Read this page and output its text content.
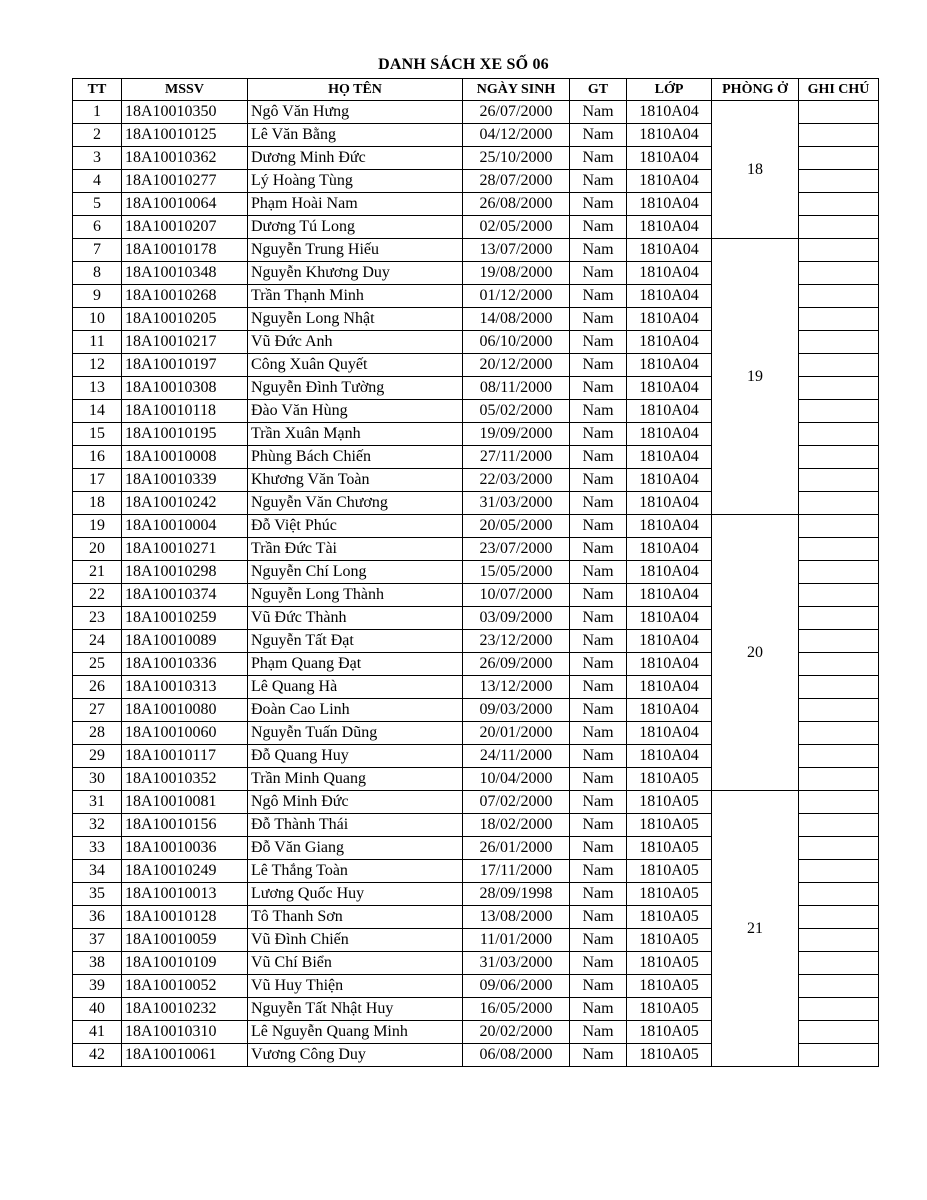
DANH SÁCH XE SỐ 06
TT	MSSV	HỌ TÊN	NGÀY SINH	GT	LỚP	PHÒNG Ở	GHI CHÚ
1	18A10010350	Ngô Văn Hưng	26/07/2000	Nam	1810A04	18	
2	18A10010125	Lê Văn Bằng	04/12/2000	Nam	1810A04		
3	18A10010362	Dương Minh Đức	25/10/2000	Nam	1810A04		
4	18A10010277	Lý Hoàng Tùng	28/07/2000	Nam	1810A04		
5	18A10010064	Phạm Hoài Nam	26/08/2000	Nam	1810A04		
6	18A10010207	Dương Tú Long	02/05/2000	Nam	1810A04		
7	18A10010178	Nguyễn Trung Hiếu	13/07/2000	Nam	1810A04	19	
8	18A10010348	Nguyễn Khương Duy	19/08/2000	Nam	1810A04		
9	18A10010268	Trần Thạnh Minh	01/12/2000	Nam	1810A04		
10	18A10010205	Nguyễn Long Nhật	14/08/2000	Nam	1810A04		
11	18A10010217	Vũ Đức Anh	06/10/2000	Nam	1810A04		
12	18A10010197	Công Xuân Quyết	20/12/2000	Nam	1810A04		
13	18A10010308	Nguyễn Đình Tường	08/11/2000	Nam	1810A04		
14	18A10010118	Đào Văn Hùng	05/02/2000	Nam	1810A04		
15	18A10010195	Trần Xuân Mạnh	19/09/2000	Nam	1810A04		
16	18A10010008	Phùng Bách Chiến	27/11/2000	Nam	1810A04		
17	18A10010339	Khương Văn Toàn	22/03/2000	Nam	1810A04		
18	18A10010242	Nguyễn Văn Chương	31/03/2000	Nam	1810A04		
19	18A10010004	Đỗ Việt Phúc	20/05/2000	Nam	1810A04	20	
20	18A10010271	Trần Đức Tài	23/07/2000	Nam	1810A04		
21	18A10010298	Nguyễn Chí Long	15/05/2000	Nam	1810A04		
22	18A10010374	Nguyễn Long Thành	10/07/2000	Nam	1810A04		
23	18A10010259	Vũ Đức Thành	03/09/2000	Nam	1810A04		
24	18A10010089	Nguyễn Tất Đạt	23/12/2000	Nam	1810A04		
25	18A10010336	Phạm Quang Đạt	26/09/2000	Nam	1810A04		
26	18A10010313	Lê Quang Hà	13/12/2000	Nam	1810A04		
27	18A10010080	Đoàn Cao Linh	09/03/2000	Nam	1810A04		
28	18A10010060	Nguyễn Tuấn Dũng	20/01/2000	Nam	1810A04		
29	18A10010117	Đỗ Quang Huy	24/11/2000	Nam	1810A04		
30	18A10010352	Trần Minh Quang	10/04/2000	Nam	1810A05		
31	18A10010081	Ngô Minh Đức	07/02/2000	Nam	1810A05	21	
32	18A10010156	Đỗ Thành Thái	18/02/2000	Nam	1810A05		
33	18A10010036	Đỗ Văn Giang	26/01/2000	Nam	1810A05		
34	18A10010249	Lê Thắng Toàn	17/11/2000	Nam	1810A05		
35	18A10010013	Lương Quốc Huy	28/09/1998	Nam	1810A05		
36	18A10010128	Tô Thanh Sơn	13/08/2000	Nam	1810A05		
37	18A10010059	Vũ Đình Chiến	11/01/2000	Nam	1810A05		
38	18A10010109	Vũ Chí Biển	31/03/2000	Nam	1810A05		
39	18A10010052	Vũ Huy Thiện	09/06/2000	Nam	1810A05		
40	18A10010232	Nguyễn Tất Nhật Huy	16/05/2000	Nam	1810A05		
41	18A10010310	Lê Nguyễn Quang Minh	20/02/2000	Nam	1810A05		
42	18A10010061	Vương Công Duy	06/08/2000	Nam	1810A05		
